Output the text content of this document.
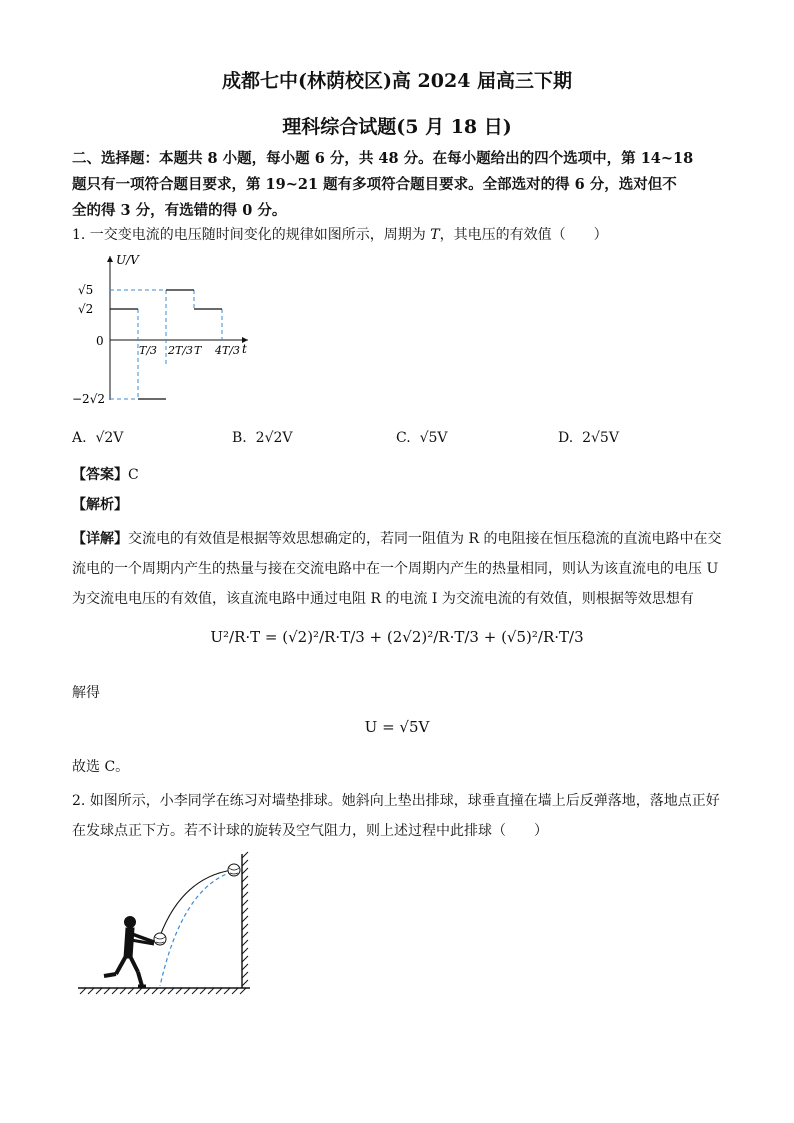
成都七中(林荫校区)高 2024 届高三下期
理科综合试题(5 月 18 日)
二、选择题：本题共 8 小题，每小题 6 分，共 48 分。在每小题给出的四个选项中，第 14~18
题只有一项符合题目要求，第 19~21 题有多项符合题目要求。全部选对的得 6 分，选对但不
全的得 3 分，有选错的得 0 分。
1. 一交变电流的电压随时间变化的规律如图所示，周期为 T，其电压的有效值（　　）
U/V
t
0
√5
√2
−2√2
T/3 2T/3 T 4T/3
A. √2V	B. 2√2V	C. √5V	D. 2√5V
【答案】C
【解析】
【详解】交流电的有效值是根据等效思想确定的，若同一阻值为 R 的电阻接在恒压稳流的直流电路中在交
流电的一个周期内产生的热量与接在交流电路中在一个周期内产生的热量相同，则认为该直流电的电压 U
为交流电电压的有效值，该直流电路中通过电阻 R 的电流 I 为交流电流的有效值，则根据等效思想有
U²/R·T = (√2)²/R·T/3 + (2√2)²/R·T/3 + (√5)²/R·T/3
解得
U = √5V
故选 C。
2. 如图所示，小李同学在练习对墙垫排球。她斜向上垫出排球，球垂直撞在墙上后反弹落地，落地点正好
在发球点正下方。若不计球的旋转及空气阻力，则上述过程中此排球（　　）
